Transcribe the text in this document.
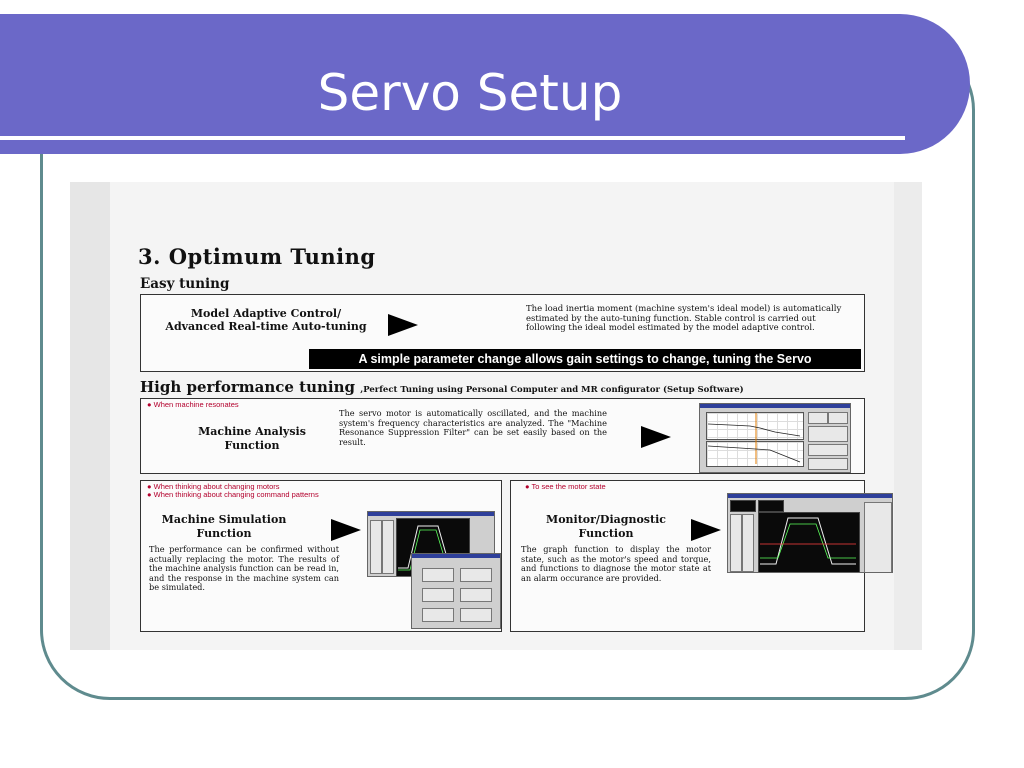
Servo Setup
3. Optimum Tuning
Easy tuning
Model Adaptive Control/ Advanced Real-time Auto-tuning
The load inertia moment (machine system's ideal model) is automatically estimated by the auto-tuning function. Stable control is carried out following the ideal model estimated by the model adaptive control.
A simple parameter change allows gain settings to change, tuning the Servo
High performance tuning ,Perfect Tuning using Personal Computer and MR configurator (Setup Software)
● When machine resonates
Machine Analysis Function
The servo motor is automatically oscillated, and the machine system's frequency characteristics are analyzed. The "Machine Resonance Suppression Filter" can be set easily based on the result.
● When thinking about changing motors
● When thinking about changing command patterns
Machine Simulation Function
The performance can be confirmed without actually replacing the motor. The results of the machine analysis function can be read in, and the response in the machine system can be simulated.
● To see the motor state
Monitor/Diagnostic Function
The graph function to display the motor state, such as the motor's speed and torque, and functions to diagnose the motor state at an alarm occurance are provided.
